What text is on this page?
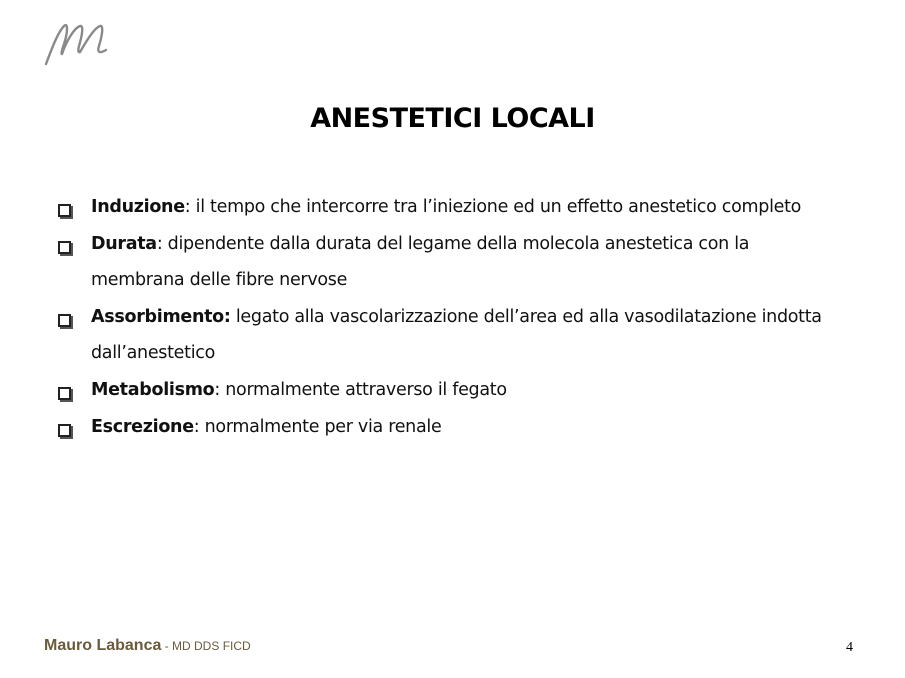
ANESTETICI LOCALI
Induzione: il tempo che intercorre tra l’iniezione ed un effetto anestetico completo
Durata: dipendente dalla durata del legame della molecola anestetica con la membrana delle fibre nervose
Assorbimento: legato alla vascolarizzazione dell’area ed alla vasodilatazione indotta dall’anestetico
Metabolismo: normalmente attraverso il fegato
Escrezione: normalmente per via renale
Mauro Labanca - MD DDS FICD	4
